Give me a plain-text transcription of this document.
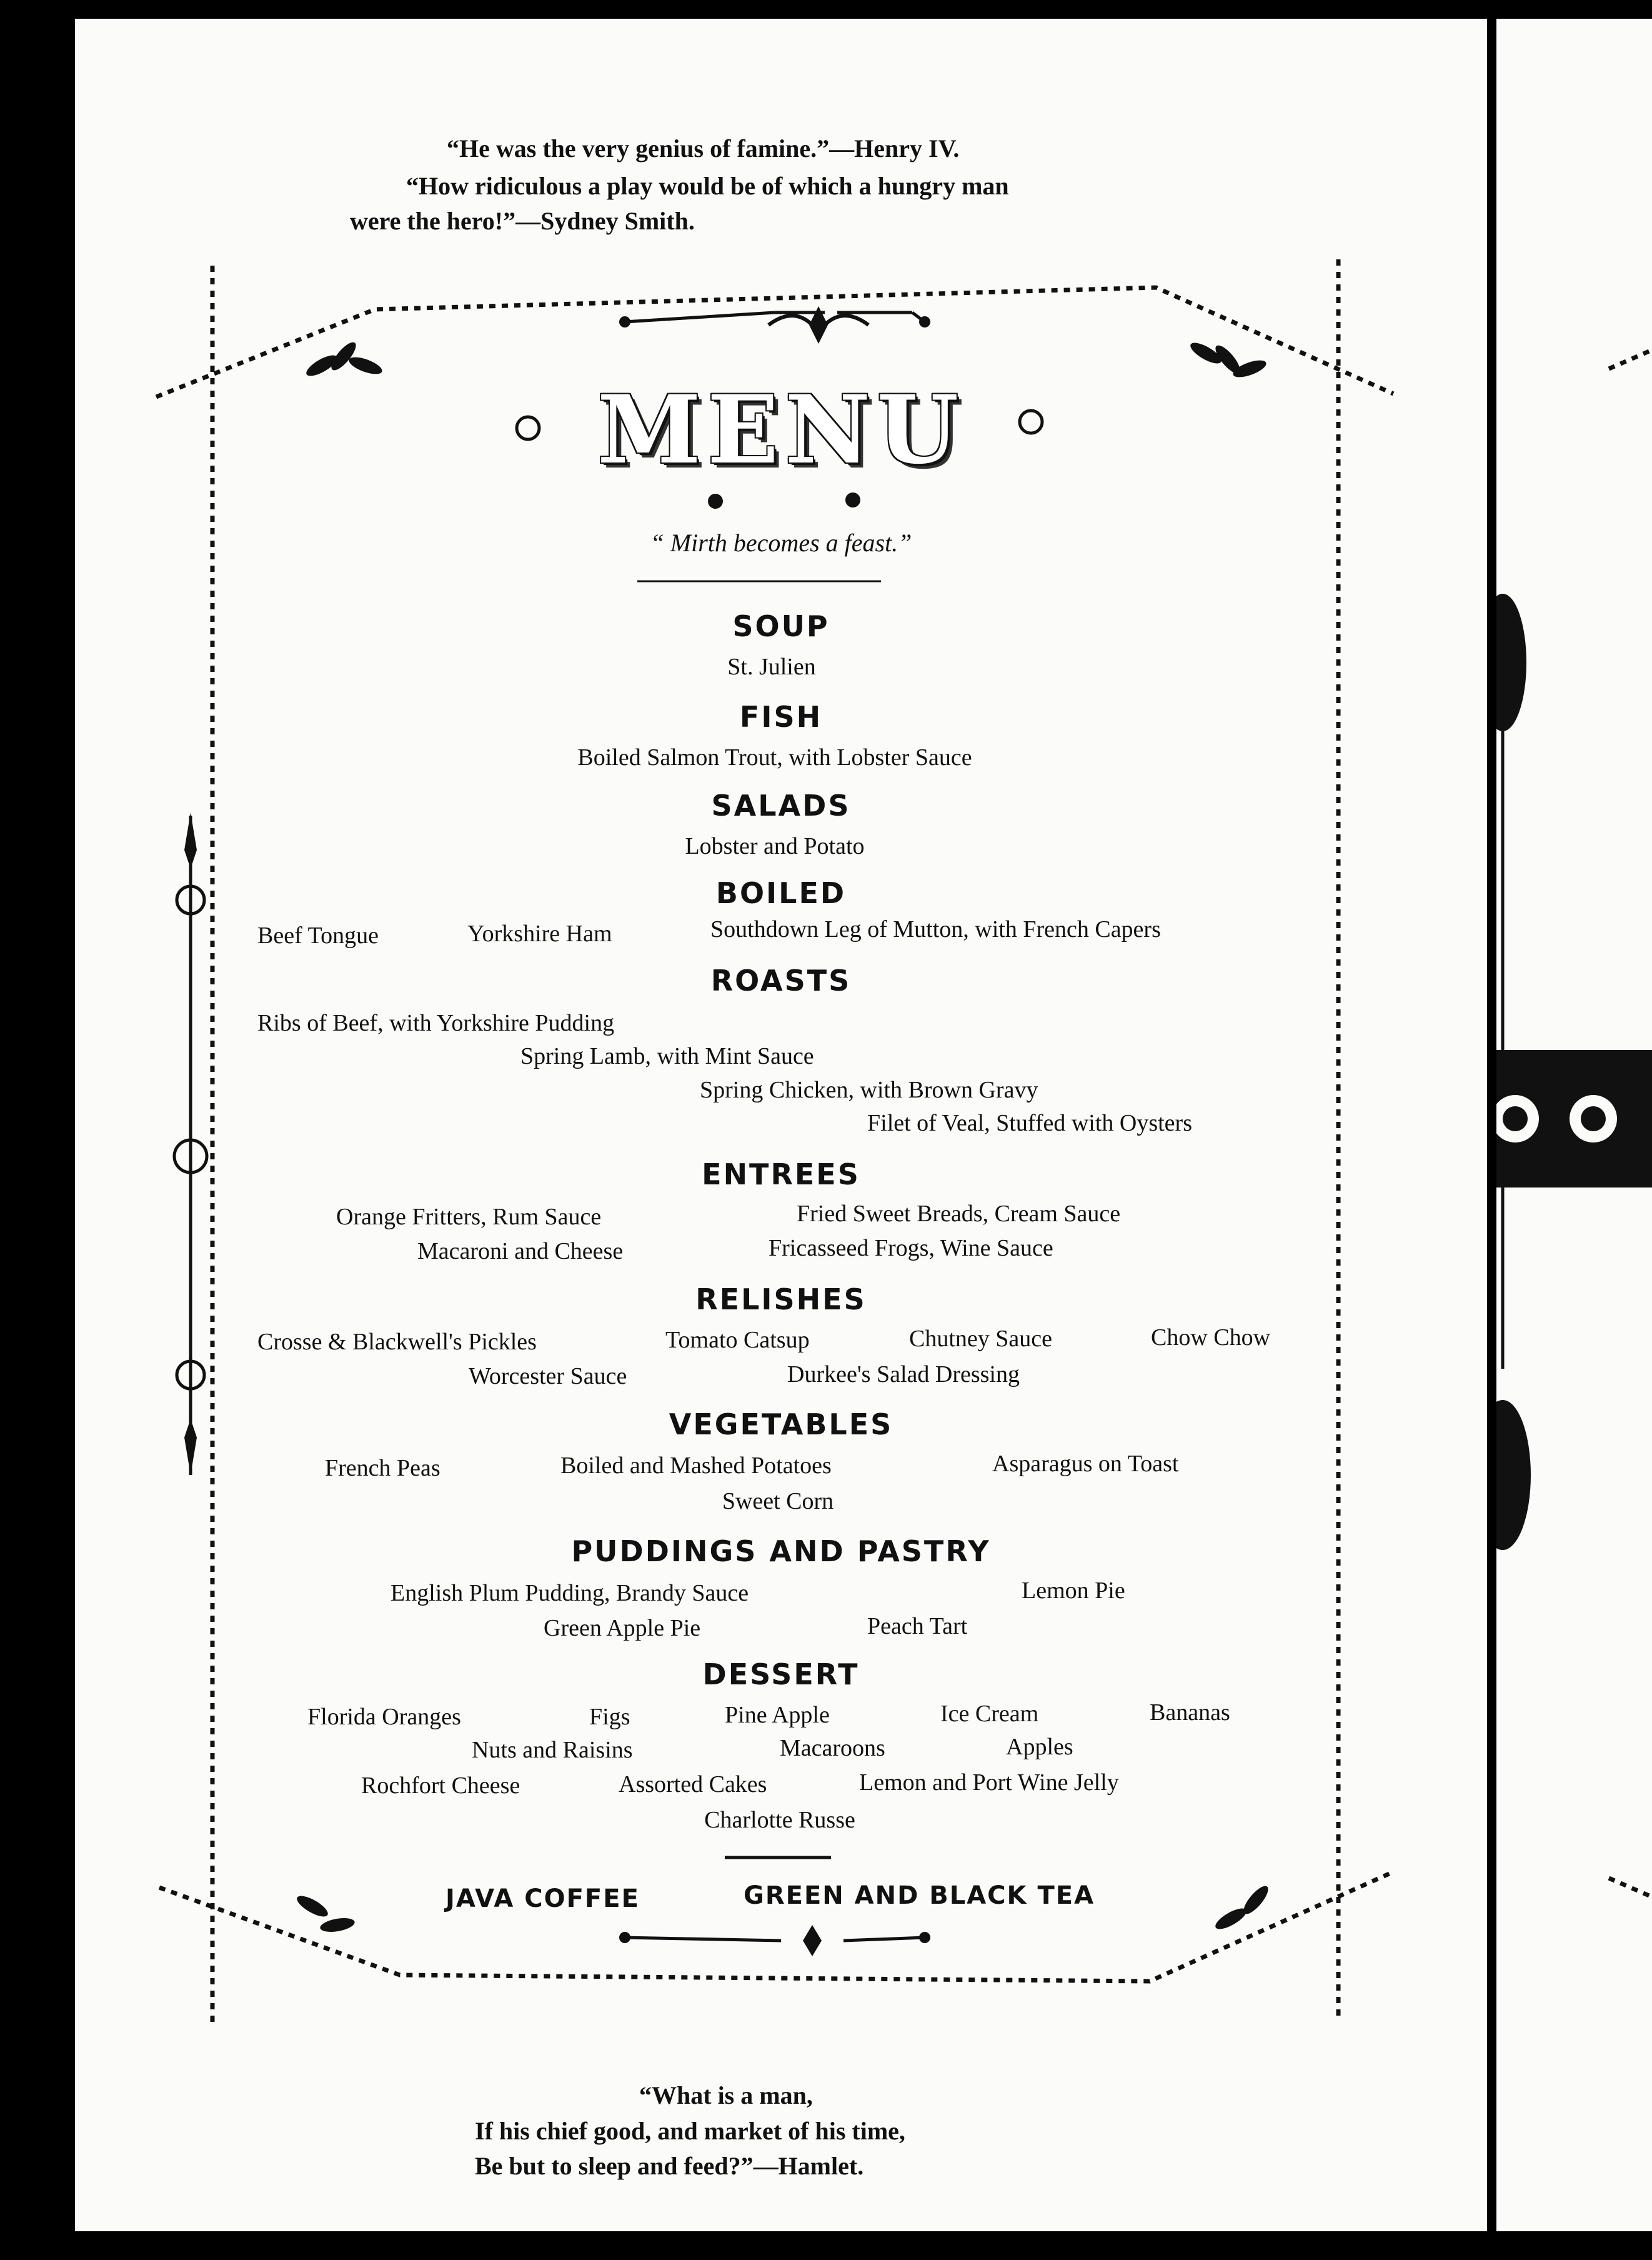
“He was the very genius of famine.”—Henry IV.
“How ridiculous a play would be of which a hungry man
were the hero!”—Sydney Smith.
MENU
“ Mirth becomes a feast.”
SOUP
St. Julien
FISH
Boiled Salmon Trout, with Lobster Sauce
SALADS
Lobster and Potato
BOILED
Beef Tongue	Yorkshire Ham	Southdown Leg of Mutton, with French Capers
ROASTS
Ribs of Beef, with Yorkshire Pudding
Spring Lamb, with Mint Sauce
Spring Chicken, with Brown Gravy
Filet of Veal, Stuffed with Oysters
ENTREES
Orange Fritters, Rum Sauce	Fried Sweet Breads, Cream Sauce
Macaroni and Cheese	Fricasseed Frogs, Wine Sauce
RELISHES
Crosse & Blackwell's Pickles	Tomato Catsup	Chutney Sauce	Chow Chow
Worcester Sauce	Durkee's Salad Dressing
VEGETABLES
French Peas	Boiled and Mashed Potatoes	Asparagus on Toast
Sweet Corn
PUDDINGS AND PASTRY
English Plum Pudding, Brandy Sauce	Lemon Pie
Green Apple Pie	Peach Tart
DESSERT
Florida Oranges	Figs	Pine Apple	Ice Cream	Bananas
Nuts and Raisins	Macaroons	Apples
Rochfort Cheese	Assorted Cakes	Lemon and Port Wine Jelly
Charlotte Russe
JAVA COFFEE	GREEN AND BLACK TEA
“What is a man,
If his chief good, and market of his time,
Be but to sleep and feed?”—Hamlet.
